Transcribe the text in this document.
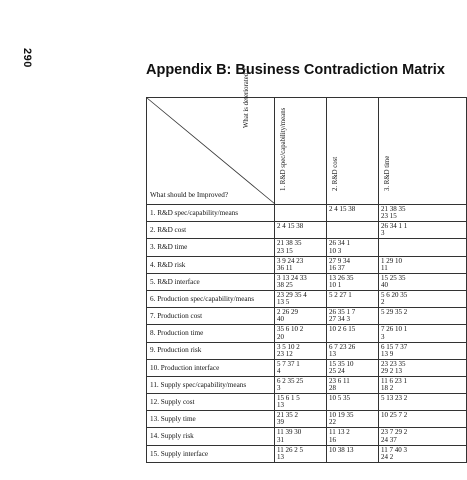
290
Appendix B: Business Contradiction Matrix
What is deteriorated ?
What should be Improved?	1. R&D spec/capability/means	2. R&D cost	3. R&D time

1. R&D spec/capability/means		2 4 15 38	21 38 35
23 15
2. R&D cost	2 4 15 38		26 34 1 1
3
3. R&D time	21 38 35
23 15	26 34 1
10 3	
4. R&D risk	3 9 24 23
36 11	27 9 34
16 37	1 29 10
11
5. R&D interface	3 13 24 33
38 25	13 26 35
10 1	15 25 35
40
6. Production spec/capability/means	23 29 35 4
13 5	5 2 27 1	5 6 20 35
2
7. Production cost	2 26 29
40	26 35 1 7
27 34 3	5 29 35 2
8. Production time	35 6 10 2
20	10 2 6 15	7 26 10 1
3
9. Production risk	3 5 10 2
23 12	6 7 23 26
13	6 15 7 37
13 9
10. Production interface	5 7 37 1
4	15 35 10
25 24	23 23 35
29 2 13
11. Supply spec/capability/means	6 2 35 25
3	23 6 11
28	11 6 23 1
18 2
12. Supply cost	15 6 1 5
13	10 5 35	5 13 23 2
13. Supply time	21 35 2
39	10 19 35
22	10 25 7 2
14. Supply risk	11 39 30
31	11 13 2
16	23 7 29 2
24 37
15. Supply interface	11 26 2 5
13	10 38 13	11 7 40 3
24 2
